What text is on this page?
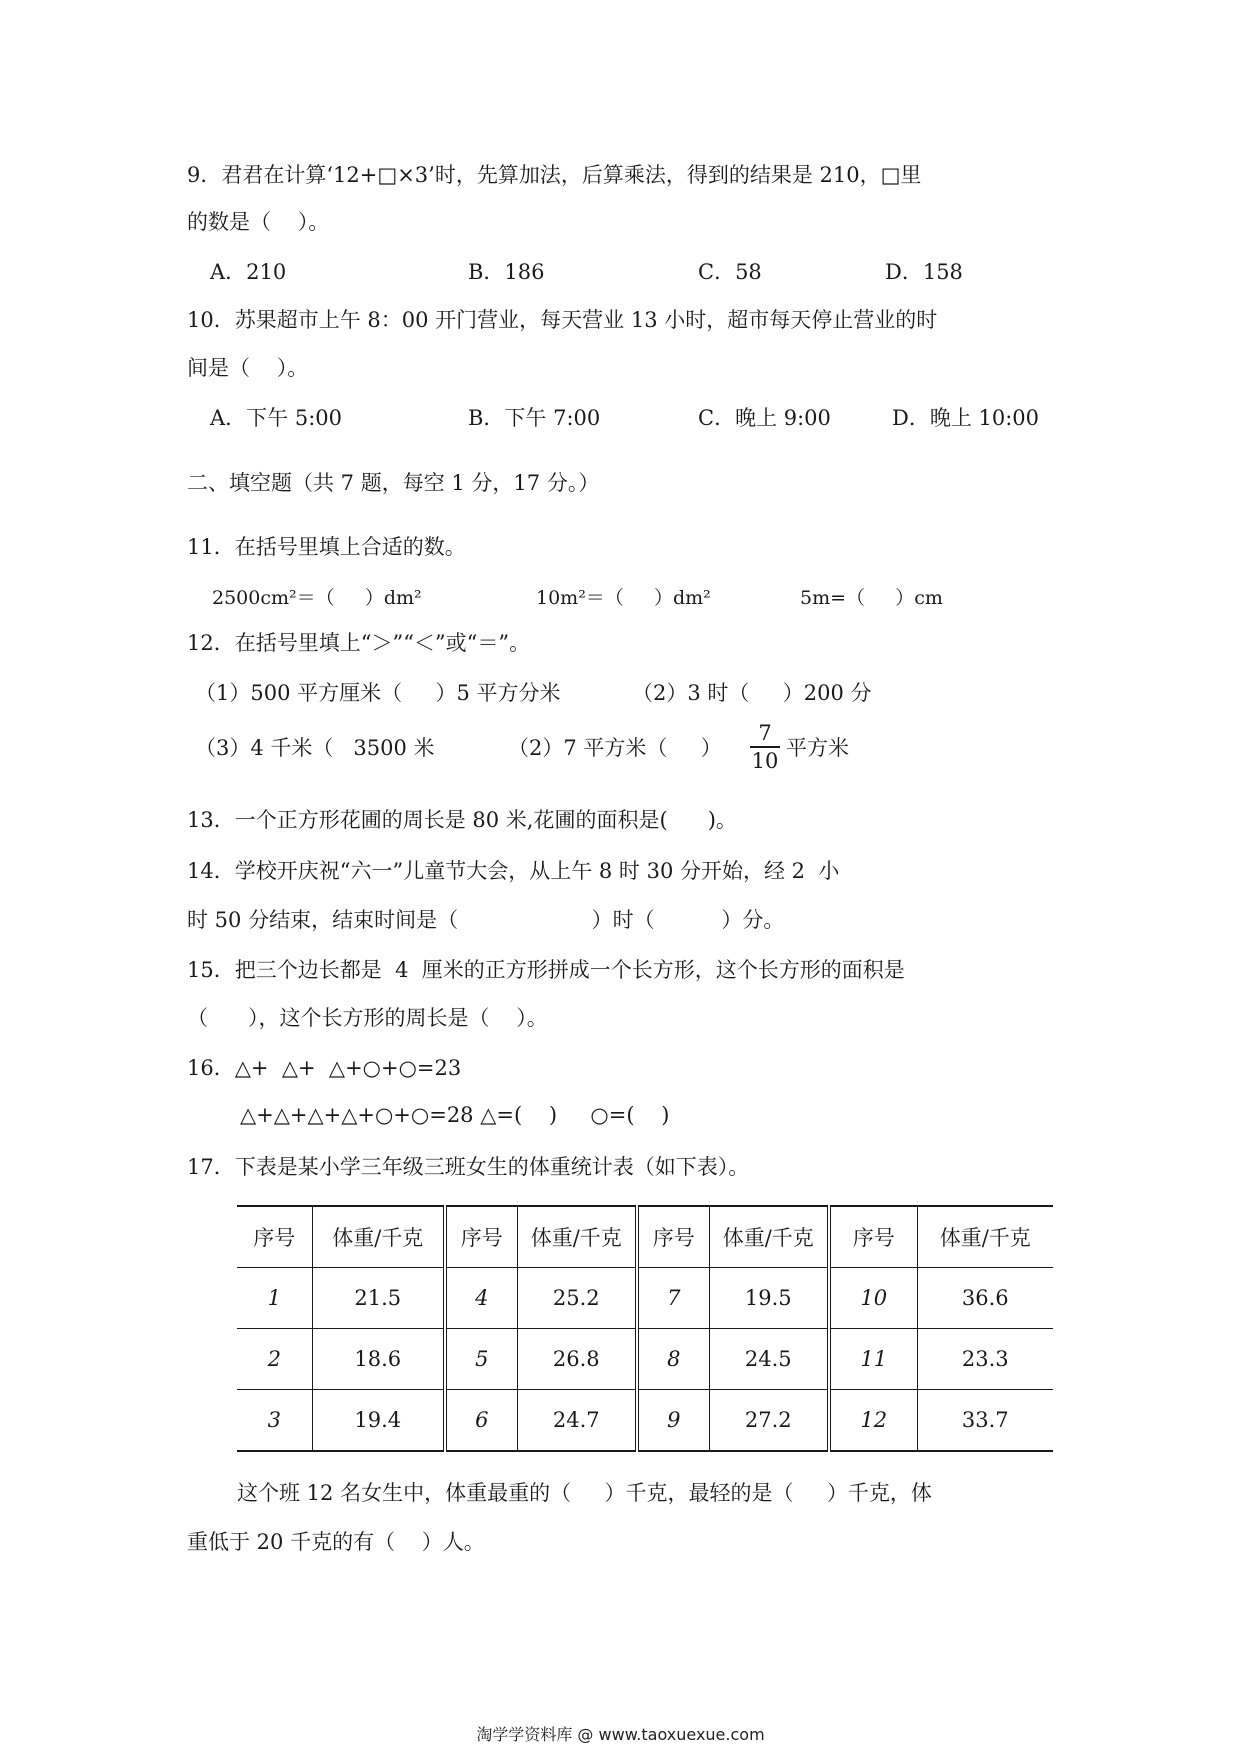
9．君君在计算‘12+□×3’时，先算加法，后算乘法，得到的结果是 210，□里
的数是（    ）。
A．210	B．186	C．58	D．158
10．苏果超市上午 8：00 开门营业，每天营业 13 小时，超市每天停止营业的时
间是（    ）。
A．下午 5:00	B．下午 7:00	C．晚上 9:00	D．晚上 10:00
二、填空题（共 7 题，每空 1 分，17 分。）
11．在括号里填上合适的数。
2500cm²＝（     ）dm²	10m²＝（     ）dm²	5m=（     ）cm
12．在括号里填上“＞”“＜”或“＝”。
（1）500 平方厘米（     ）5 平方分米	（2）3 时（     ）200 分
（3）4 千米（   3500 米	（2）7 平方米（     ）
7
10
平方米
13．一个正方形花圃的周长是 80 米,花圃的面积是(      )。
14．学校开庆祝“六一”儿童节大会，从上午 8 时 30 分开始，经 2  小
时 50 分结束，结束时间是（                    ）时（          ）分。
15．把三个边长都是  4  厘米的正方形拼成一个长方形，这个长方形的面积是
（      ），这个长方形的周长是（    ）。
16．△+  △+  △+○+○=23
△+△+△+△+○+○=28 △=(    )     ○=(    )
17．下表是某小学三年级三班女生的体重统计表（如下表）。
序号	体重/千克	序号	体重/千克	序号	体重/千克	序号	体重/千克
1	21.5	4	25.2	7	19.5	10	36.6
2	18.6	5	26.8	8	24.5	11	23.3
3	19.4	6	24.7	9	27.2	12	33.7
这个班 12 名女生中，体重最重的（     ）千克，最轻的是（     ）千克，体
重低于 20 千克的有（    ）人。
淘学学资料库 @ www.taoxuexue.com
